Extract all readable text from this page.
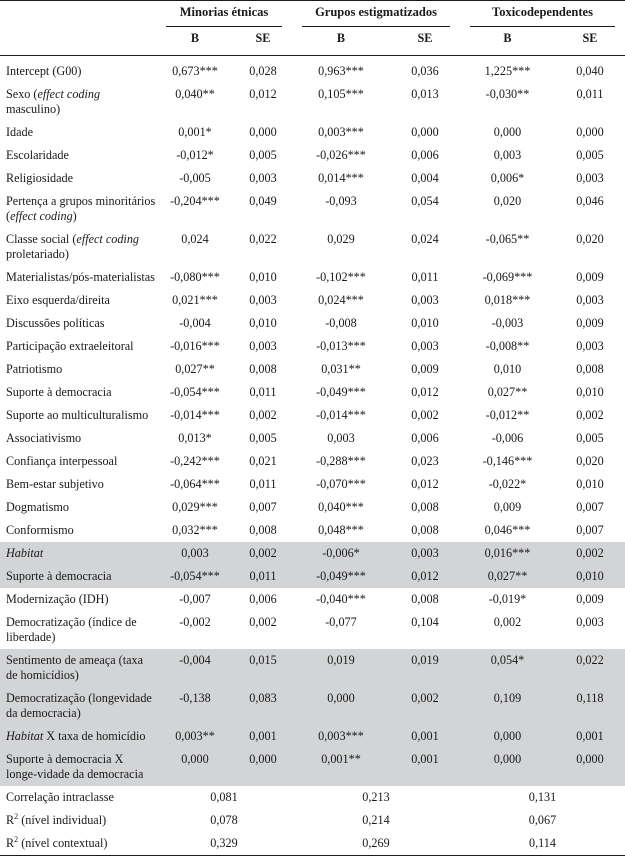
	Minorias étnicas		Grupos estigmatizados		Toxicodependentes	

	B	SE	B	SE	B	SE

Intercept (G00)	0,673***	0,028	0,963***	0,036	1,225***	0,040
Sexo (effect coding masculino)	0,040**	0,012	0,105***	0,013	-0,030**	0,011
Idade	0,001*	0,000	0,003***	0,000	0,000	0,000
Escolaridade	-0,012*	0,005	-0,026***	0,006	0,003	0,005
Religiosidade	-0,005	0,003	0,014***	0,004	0,006*	0,003
Pertença a grupos minoritários (effect coding)	-0,204***	0,049	-0,093	0,054	0,020	0,046
Classe social (effect coding proletariado)	0,024	0,022	0,029	0,024	-0,065**	0,020
Materialistas/pós-materialistas	-0,080***	0,010	-0,102***	0,011	-0,069***	0,009
Eixo esquerda/direita	0,021***	0,003	0,024***	0,003	0,018***	0,003
Discussões políticas	-0,004	0,010	-0,008	0,010	-0,003	0,009
Participação extraeleitoral	-0,016***	0,003	-0,013***	0,003	-0,008**	0,003
Patriotismo	0,027**	0,008	0,031**	0,009	0,010	0,008
Suporte à democracia	-0,054***	0,011	-0,049***	0,012	0,027**	0,010
Suporte ao multiculturalismo	-0,014***	0,002	-0,014***	0,002	-0,012**	0,002
Associativismo	0,013*	0,005	0,003	0,006	-0,006	0,005
Confiança interpessoal	-0,242***	0,021	-0,288***	0,023	-0,146***	0,020
Bem-estar subjetivo	-0,064***	0,011	-0,070***	0,012	-0,022*	0,010
Dogmatismo	0,029***	0,007	0,040***	0,008	0,009	0,007
Conformismo	0,032***	0,008	0,048***	0,008	0,046***	0,007
Habitat	0,003	0,002	-0,006*	0,003	0,016***	0,002
Suporte à democracia	-0,054***	0,011	-0,049***	0,012	0,027**	0,010
Modernização (IDH)	-0,007	0,006	-0,040***	0,008	-0,019*	0,009
Democratização (índice de liberdade)	-0,002	0,002	-0,077	0,104	0,002	0,003
Sentimento de ameaça (taxa de homicídios)	-0,004	0,015	0,019	0,019	0,054*	0,022
Democratização (longevidade da democracia)	-0,138	0,083	0,000	0,002	0,109	0,118
Habitat X taxa de homicídio	0,003**	0,001	0,003***	0,001	0,000	0,001
Suporte à democracia X longe-vidade da democracia	0,000	0,000	0,001**	0,001	0,000	0,000
Correlação intraclasse	0,081		0,213		0,131	
$R^2$ (nível individual)	0,078		0,214		0,067	
$R^2$ (nível contextual)	0,329		0,269		0,114	
